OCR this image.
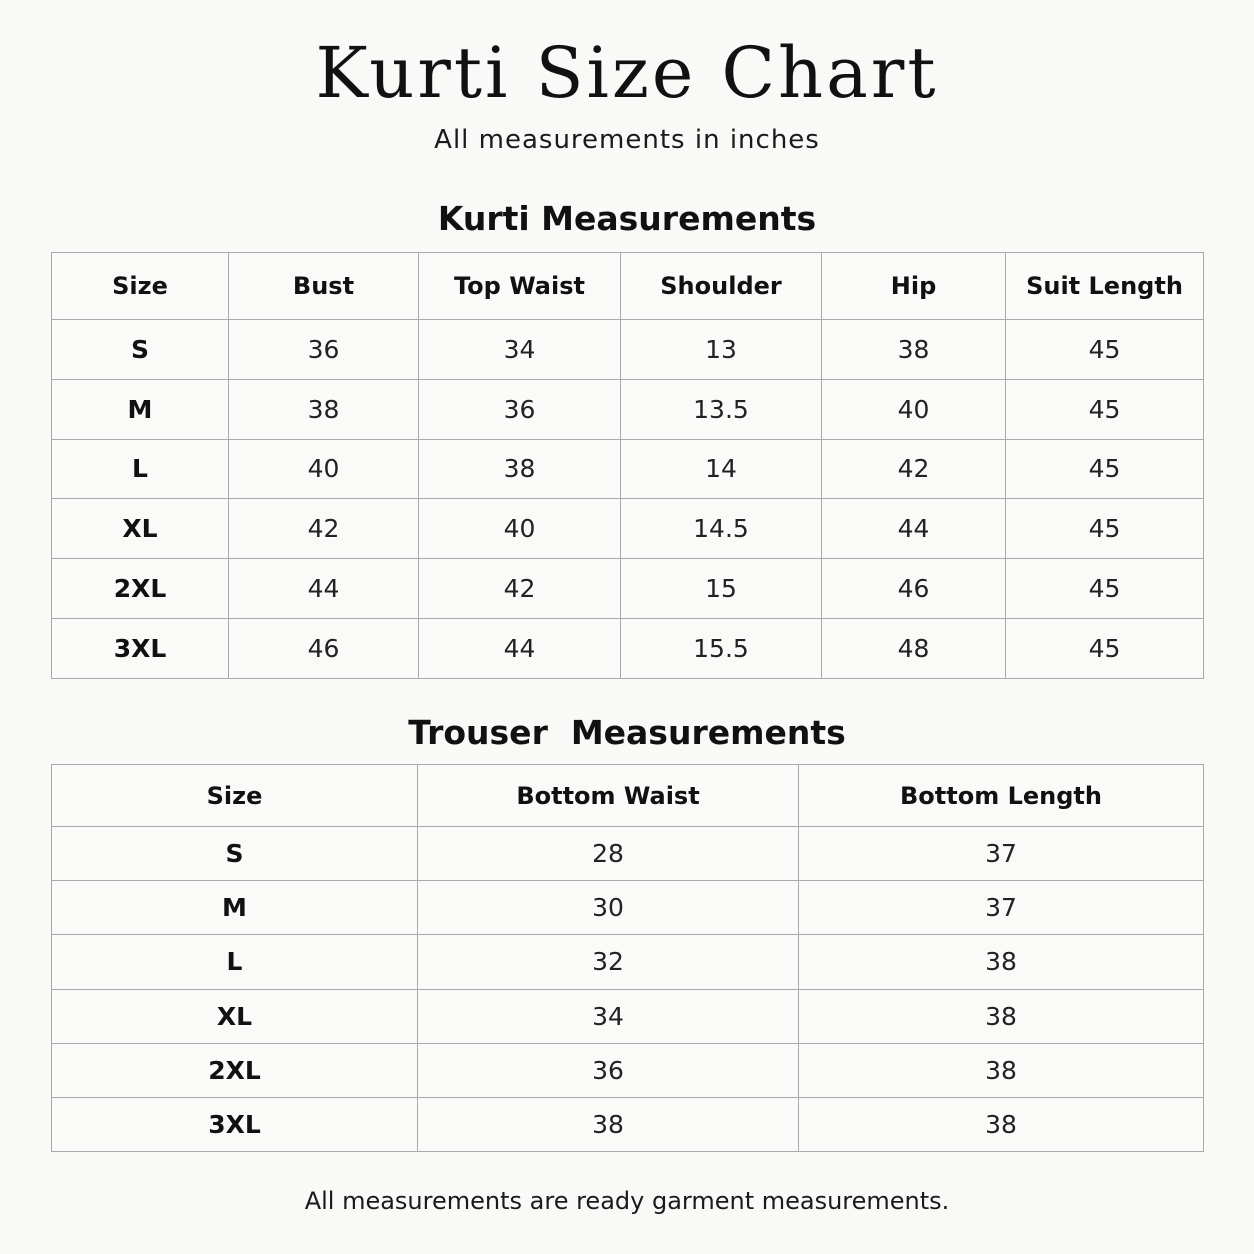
Kurti Size Chart
All measurements in inches
Kurti Measurements
Size	Bust	Top Waist	Shoulder	Hip	Suit Length
S	36	34	13	38	45
M	38	36	13.5	40	45
L	40	38	14	42	45
XL	42	40	14.5	44	45
2XL	44	42	15	46	45
3XL	46	44	15.5	48	45
Trouser  Measurements
Size	Bottom Waist	Bottom Length
S	28	37
M	30	37
L	32	38
XL	34	38
2XL	36	38
3XL	38	38
All measurements are ready garment measurements.
